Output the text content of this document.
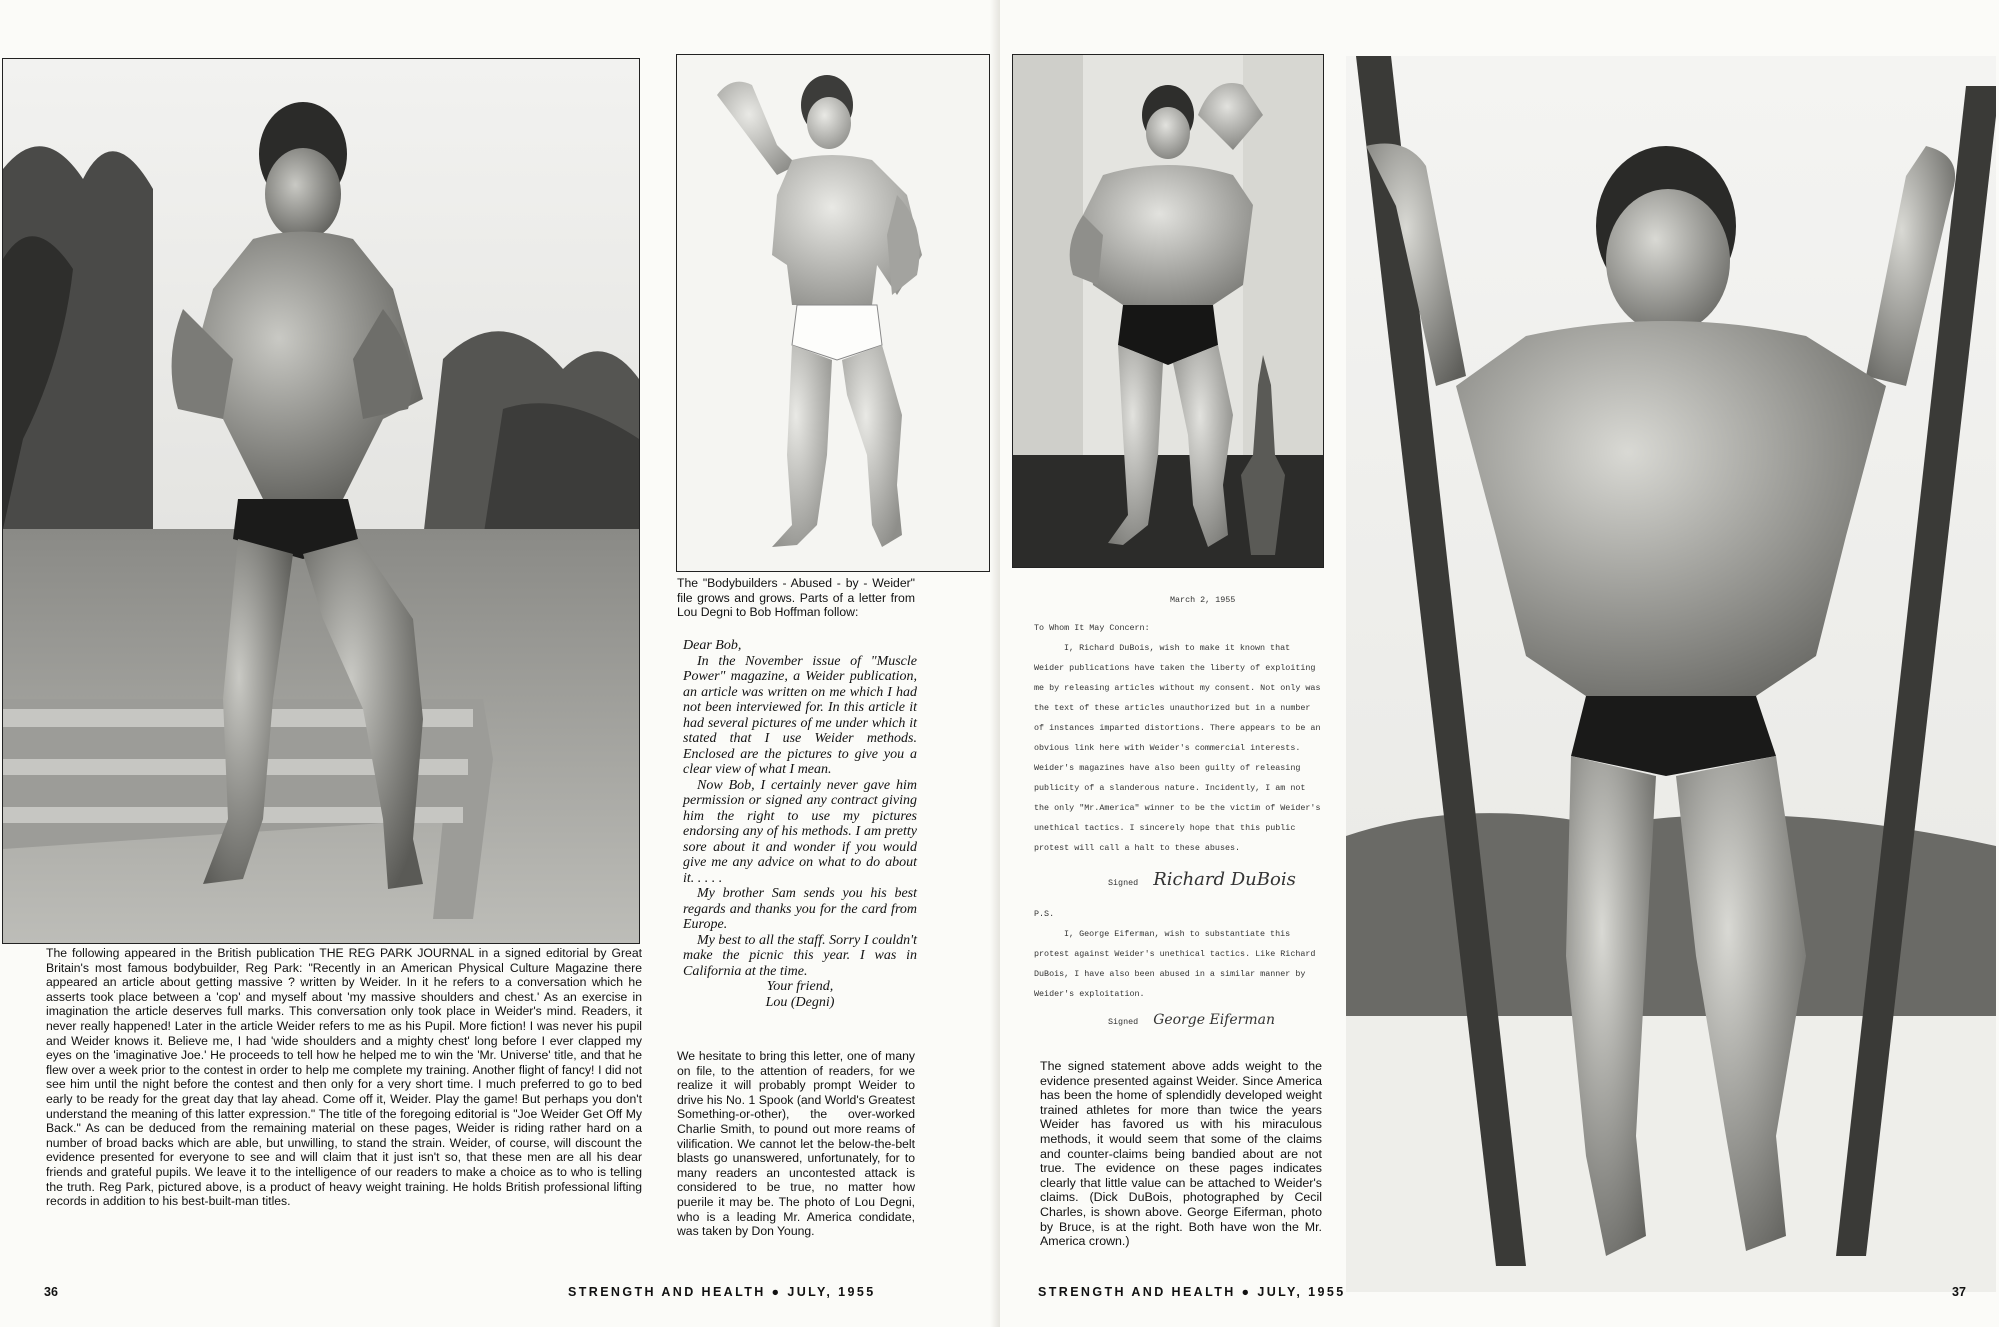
The "Bodybuilders - Abused - by - Weider" file grows and grows. Parts of a letter from Lou Degni to Bob Hoffman follow:

Dear Bob,

In the November issue of "Muscle Power" magazine, a Weider publication, an article was written on me which I had not been interviewed for. In this article it had several pictures of me under which it stated that I use Weider methods. Enclosed are the pictures to give you a clear view of what I mean.

Now Bob, I certainly never gave him permission or signed any contract giving him the right to use my pictures endorsing any of his methods. I am pretty sore about it and wonder if you would give me any advice on what to do about it. . . . .

My brother Sam sends you his best regards and thanks you for the card from Europe.

My best to all the staff. Sorry I couldn't make the picnic this year. I was in California at the time.

Your friend,

Lou (Degni)

We hesitate to bring this letter, one of many on file, to the attention of readers, for we realize it will probably prompt Weider to drive his No. 1 Spook (and World's Greatest Something-or-other), the over-worked Charlie Smith, to pound out more reams of vilification. We cannot let the below-the-belt blasts go unanswered, unfortunately, for to many readers an uncontested attack is considered to be true, no matter how puerile it may be. The photo of Lou Degni, who is a leading Mr. America condidate, was taken by Don Young.
The following appeared in the British publication THE REG PARK JOURNAL in a signed editorial by Great Britain's most famous bodybuilder, Reg Park: "Recently in an American Physical Culture Magazine there appeared an article about getting massive ? written by Weider. In it he refers to a conversation which he asserts took place between a 'cop' and myself about 'my massive shoulders and chest.' As an exercise in imagination the article deserves full marks. This conversation only took place in Weider's mind. Readers, it never really happened! Later in the article Weider refers to me as his Pupil. More fiction! I was never his pupil and Weider knows it. Believe me, I had 'wide shoulders and a mighty chest' long before I ever clapped my eyes on the 'imaginative Joe.' He proceeds to tell how he helped me to win the 'Mr. Universe' title, and that he flew over a week prior to the contest in order to help me complete my training. Another flight of fancy! I did not see him until the night before the contest and then only for a very short time. I much preferred to go to bed early to be ready for the great day that lay ahead. Come off it, Weider. Play the game! But perhaps you don't understand the meaning of this latter expression." The title of the foregoing editorial is "Joe Weider Get Off My Back." As can be deduced from the remaining material on these pages, Weider is riding rather hard on a number of broad backs which are able, but unwilling, to stand the strain. Weider, of course, will discount the evidence presented for everyone to see and will claim that it just isn't so, that these men are all his dear friends and grateful pupils. We leave it to the intelligence of our readers to make a choice as to who is telling the truth. Reg Park, pictured above, is a product of heavy weight training. He holds British professional lifting records in addition to his best-built-man titles.
36	STRENGTH AND HEALTH ● JULY, 1955
March 2, 1955
To Whom It May Concern:
I, Richard DuBois, wish to make it known that Weider publications have taken the liberty of exploiting me by releasing articles without my consent. Not only was the text of these articles unauthorized but in a number of instances imparted distortions. There appears to be an obvious link here with Weider's commercial interests. Weider's magazines have also been guilty of releasing publicity of a slanderous nature. Incidently, I am not the only "Mr.America" winner to be the victim of Weider's unethical tactics. I sincerely hope that this public protest will call a halt to these abuses.
Signed Richard DuBois
P.S.
I, George Eiferman, wish to substantiate this protest against Weider's unethical tactics. Like Richard DuBois, I have also been abused in a similar manner by Weider's exploitation.
Signed George Eiferman
The signed statement above adds weight to the evidence presented against Weider. Since America has been the home of splendidly developed weight trained athletes for more than twice the years Weider has favored us with his miraculous methods, it would seem that some of the claims and counter-claims being bandied about are not true. The evidence on these pages indicates clearly that little value can be attached to Weider's claims. (Dick DuBois, photographed by Cecil Charles, is shown above. George Eiferman, photo by Bruce, is at the right. Both have won the Mr. America crown.)
STRENGTH AND HEALTH ● JULY, 1955	37
